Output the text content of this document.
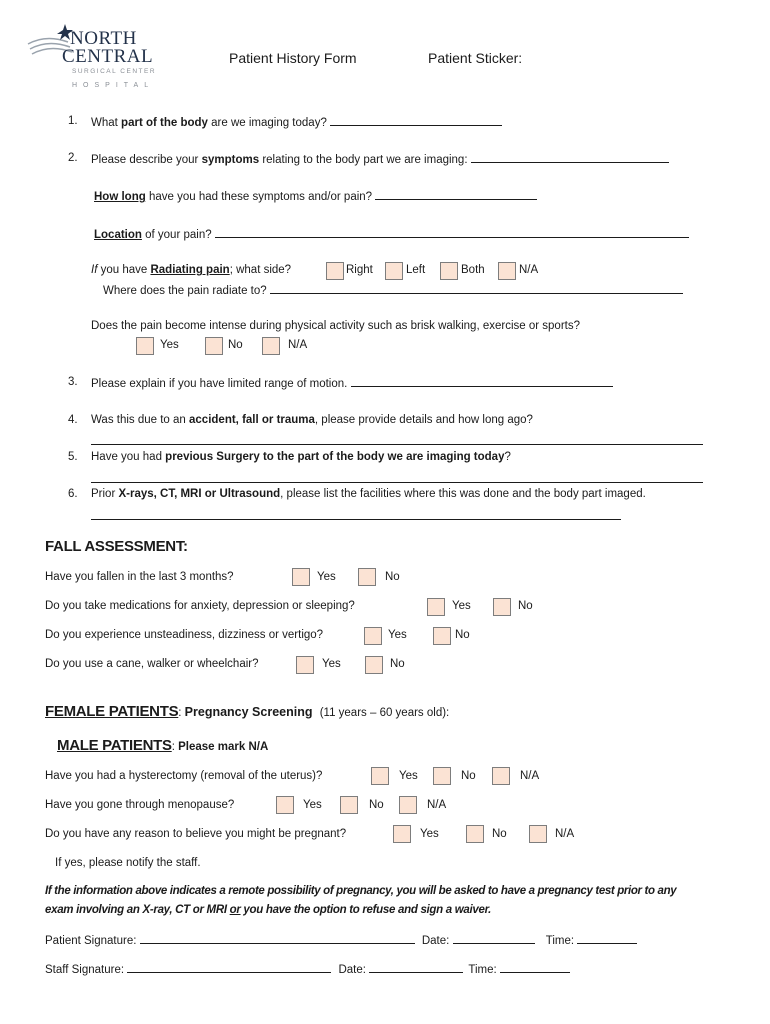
NORTH
CENTRAL
SURGICAL CENTER
HOSPITAL
Patient History Form	Patient Sticker:
1. What part of the body are we imaging today?
2. Please describe your symptoms relating to the body part we are imaging:
How long have you had these symptoms and/or pain?
Location of your pain?
If you have Radiating pain; what side?	Right	Left	Both	N/A
Where does the pain radiate to?
Does the pain become intense during physical activity such as brisk walking, exercise or sports?
Yes	No	N/A
3. Please explain if you have limited range of motion.
4. Was this due to an accident, fall or trauma, please provide details and how long ago?
5. Have you had previous Surgery to the part of the body we are imaging today?
6. Prior X-rays, CT, MRI or Ultrasound, please list the facilities where this was done and the body part imaged.
FALL ASSESSMENT:
Have you fallen in the last 3 months?	Yes	No
Do you take medications for anxiety, depression or sleeping?	Yes	No
Do you experience unsteadiness, dizziness or vertigo?	Yes	No
Do you use a cane, walker or wheelchair?	Yes	No
FEMALE PATIENTS: Pregnancy Screening (11 years – 60 years old):
MALE PATIENTS: Please mark N/A
Have you had a hysterectomy (removal of the uterus)?	Yes	No	N/A
Have you gone through menopause?	Yes	No	N/A
Do you have any reason to believe you might be pregnant?	Yes	No	N/A
If yes, please notify the staff.
If the information above indicates a remote possibility of pregnancy, you will be asked to have a pregnancy test prior to any
exam involving an X-ray, CT or MRI or you have the option to refuse and sign a waiver.
Patient Signature:	Date:	Time:
Staff Signature:	Date:	Time:
